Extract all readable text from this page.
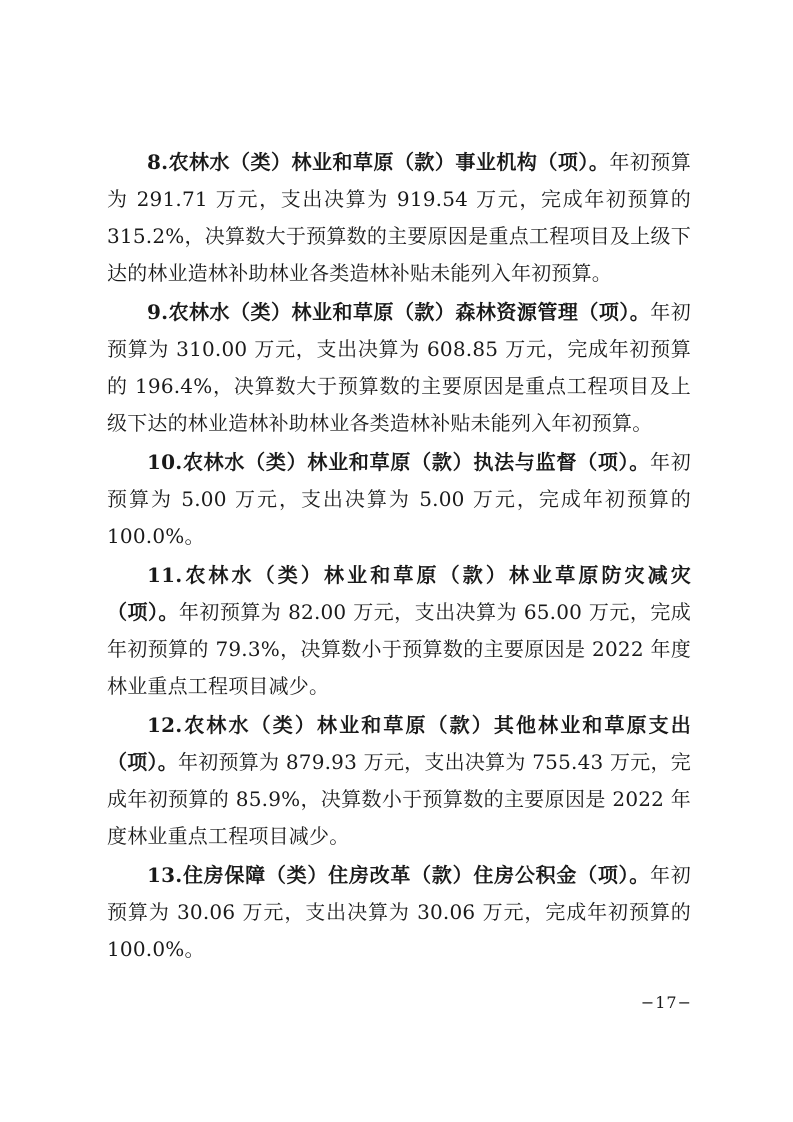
8.农林水（类）林业和草原（款）事业机构（项）。年初预算为 291.71 万元，支出决算为 919.54 万元，完成年初预算的 315.2%，决算数大于预算数的主要原因是重点工程项目及上级下达的林业造林补助林业各类造林补贴未能列入年初预算。

9.农林水（类）林业和草原（款）森林资源管理（项）。年初预算为 310.00 万元，支出决算为 608.85 万元，完成年初预算的 196.4%，决算数大于预算数的主要原因是重点工程项目及上级下达的林业造林补助林业各类造林补贴未能列入年初预算。

10.农林水（类）林业和草原（款）执法与监督（项）。年初预算为 5.00 万元，支出决算为 5.00 万元，完成年初预算的 100.0%。

11.农林水（类）林业和草原（款）林业草原防灾减灾（项）。年初预算为 82.00 万元，支出决算为 65.00 万元，完成年初预算的 79.3%，决算数小于预算数的主要原因是 2022 年度林业重点工程项目减少。

12.农林水（类）林业和草原（款）其他林业和草原支出（项）。年初预算为 879.93 万元，支出决算为 755.43 万元，完成年初预算的 85.9%，决算数小于预算数的主要原因是 2022 年度林业重点工程项目减少。

13.住房保障（类）住房改革（款）住房公积金（项）。年初预算为 30.06 万元，支出决算为 30.06 万元，完成年初预算的 100.0%。

−17−
